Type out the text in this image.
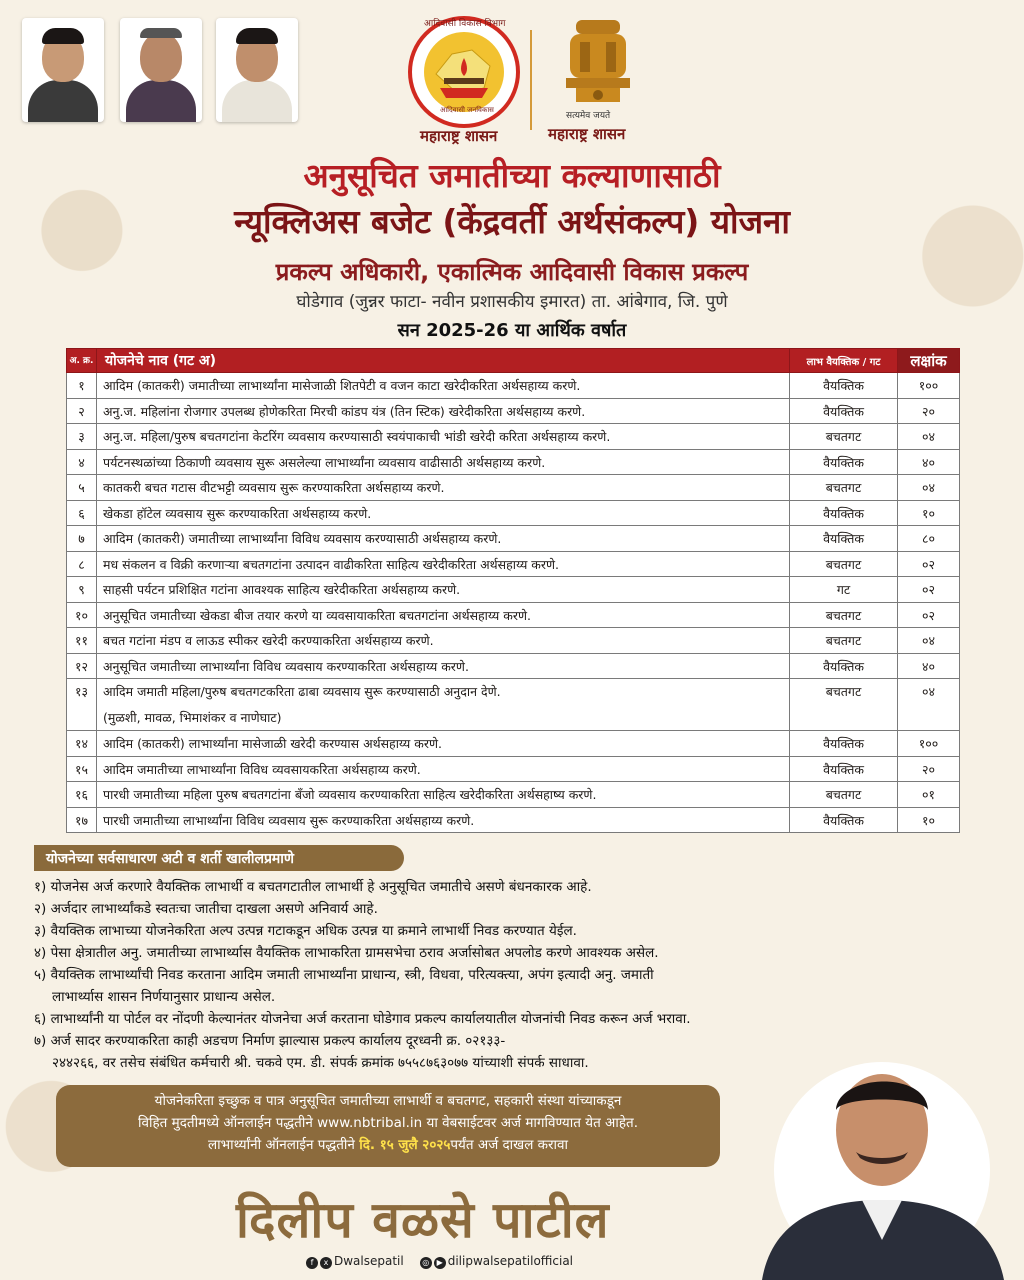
महाराष्ट्र शासन
आदिवासी विकास विभाग
आदिवासी जनविकास
सत्यमेव जयते
महाराष्ट्र शासन
अनुसूचित जमातीच्या कल्याणासाठी
न्यूक्लिअस बजेट (केंद्रवर्ती अर्थसंकल्प) योजना
प्रकल्प अधिकारी, एकात्मिक आदिवासी विकास प्रकल्प
घोडेगाव (जुन्नर फाटा- नवीन प्रशासकीय इमारत) ता. आंबेगाव, जि. पुणे
सन 2025-26 या आर्थिक वर्षात
अ. क्र.	योजनेचे नाव (गट अ)	लाभ वैयक्तिक / गट	लक्षांक
१	आदिम (कातकरी) जमातीच्या लाभार्थ्यांना मासेजाळी शितपेटी व वजन काटा खरेदीकरिता अर्थसहाय्य करणे.	वैयक्तिक	१००
२	अनु.ज. महिलांना रोजगार उपलब्ध होणेकरिता मिरची कांडप यंत्र (तिन स्टिक) खरेदीकरिता अर्थसहाय्य करणे.	वैयक्तिक	२०
३	अनु.ज. महिला/पुरुष बचतगटांना केटरिंग व्यवसाय करण्यासाठी स्वयंपाकाची भांडी खरेदी करिता अर्थसहाय्य करणे.	बचतगट	०४
४	पर्यटनस्थळांच्या ठिकाणी व्यवसाय सुरू असलेल्या लाभार्थ्यांना व्यवसाय वाढीसाठी अर्थसहाय्य करणे.	वैयक्तिक	४०
५	कातकरी बचत गटास वीटभट्टी व्यवसाय सुरू करण्याकरिता अर्थसहाय्य करणे.	बचतगट	०४
६	खेकडा हॉटेल व्यवसाय सुरू करण्याकरिता अर्थसहाय्य करणे.	वैयक्तिक	१०
७	आदिम (कातकरी) जमातीच्या लाभार्थ्यांना विविध व्यवसाय करण्यासाठी अर्थसहाय्य करणे.	वैयक्तिक	८०
८	मध संकलन व विक्री करणाऱ्या बचतगटांना उत्पादन वाढीकरिता साहित्य खरेदीकरिता अर्थसहाय्य करणे.	बचतगट	०२
९	साहसी पर्यटन प्रशिक्षित गटांना आवश्यक साहित्य खरेदीकरिता अर्थसहाय्य करणे.	गट	०२
१०	अनुसूचित जमातीच्या खेकडा बीज तयार करणे या व्यवसायाकरिता बचतगटांना अर्थसहाय्य करणे.	बचतगट	०२
११	बचत गटांना मंडप व लाऊड स्पीकर खरेदी करण्याकरिता अर्थसहाय्य करणे.	बचतगट	०४
१२	अनुसूचित जमातीच्या लाभार्थ्यांना विविध व्यवसाय करण्याकरिता अर्थसहाय्य करणे.	वैयक्तिक	४०
१३	आदिम जमाती महिला/पुरुष बचतगटकरिता ढाबा व्यवसाय सुरू करण्यासाठी अनुदान देणे.
(मुळशी, मावळ, भिमाशंकर व नाणेघाट)	बचतगट	०४
१४	आदिम (कातकरी) लाभार्थ्यांना मासेजाळी खरेदी करण्यास अर्थसहाय्य करणे.	वैयक्तिक	१००
१५	आदिम जमातीच्या लाभार्थ्यांना विविध व्यवसायकरिता अर्थसहाय्य करणे.	वैयक्तिक	२०
१६	पारधी जमातीच्या महिला पुरुष बचतगटांना बँजो व्यवसाय करण्याकरिता साहित्य खरेदीकरिता अर्थसहाष्य करणे.	बचतगट	०१
१७	पारधी जमातीच्या लाभार्थ्यांना विविध व्यवसाय सुरू करण्याकरिता अर्थसहाय्य करणे.	वैयक्तिक	१०
योजनेच्या सर्वसाधारण अटी व शर्ती खालीलप्रमाणे
१) योजनेस अर्ज करणारे वैयक्तिक लाभार्थी व बचतगटातील लाभार्थी हे अनुसूचित जमातीचे असणे बंधनकारक आहे.
२) अर्जदार लाभार्थ्यांकडे स्वतःचा जातीचा दाखला असणे अनिवार्य आहे.
३) वैयक्तिक लाभाच्या योजनेकरिता अल्प उत्पन्न गटाकडून अधिक उत्पन्न या क्रमाने लाभार्थी निवड करण्यात येईल.
४) पेसा क्षेत्रातील अनु. जमातीच्या लाभार्थ्यास वैयक्तिक लाभाकरिता ग्रामसभेचा ठराव अर्जासोबत अपलोड करणे आवश्यक असेल.
५) वैयक्तिक लाभार्थ्यांची निवड करताना आदिम जमाती लाभार्थ्यांना प्राधान्य, स्त्री, विधवा, परित्यक्त्या, अपंग इत्यादी अनु. जमाती
लाभार्थ्यास शासन निर्णयानुसार प्राधान्य असेल.
६) लाभार्थ्यांनी या पोर्टल वर नोंदणी केल्यानंतर योजनेचा अर्ज करताना घोडेगाव प्रकल्प कार्यालयातील योजनांची निवड करून अर्ज भरावा.
७) अर्ज सादर करण्याकरिता काही अडचण निर्माण झाल्यास प्रकल्प कार्यालय दूरध्वनी क्र. ०२१३३-
२४४२६६, वर तसेच संबंधित कर्मचारी श्री. चकवे एम. डी. संपर्क क्रमांक ७५५८७६३०७७ यांच्याशी संपर्क साधावा.
योजनेकरिता इच्छुक व पात्र अनुसूचित जमातीच्या लाभार्थी व बचतगट, सहकारी संस्था यांच्याकडून
विहित मुदतीमध्ये ऑनलाईन पद्धतीने www.nbtribal.in या वेबसाईटवर अर्ज मागविण्यात येत आहेत.
लाभार्थ्यांनी ऑनलाईन पद्धतीने दि. १५ जुलै २०२५पर्यंत अर्ज दाखल करावा
दिलीप वळसे पाटील
f x Dwalsepatil	◎ ▶ dilipwalsepatilofficial
